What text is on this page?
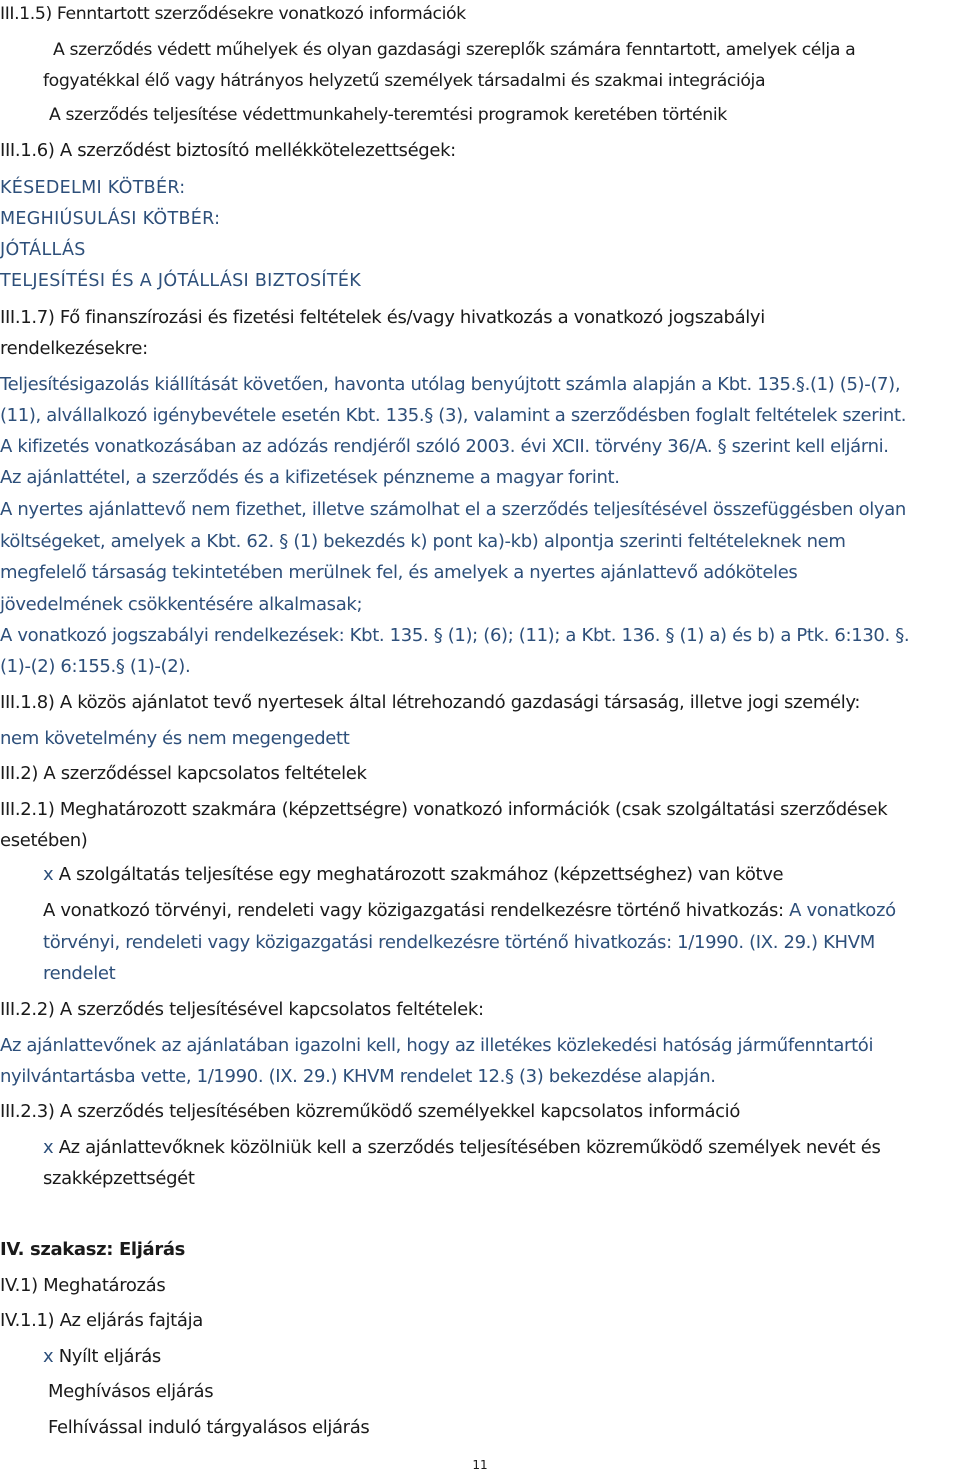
III.1.5) Fenntartott szerződésekre vonatkozó információk
A szerződés védett műhelyek és olyan gazdasági szereplők számára fenntartott, amelyek célja a
fogyatékkal élő vagy hátrányos helyzetű személyek társadalmi és szakmai integrációja
A szerződés teljesítése védettmunkahely-teremtési programok keretében történik
III.1.6) A szerződést biztosító mellékkötelezettségek:
KÉSEDELMI KÖTBÉR:
MEGHIÚSULÁSI KÖTBÉR:
JÓTÁLLÁS
TELJESÍTÉSI ÉS A JÓTÁLLÁSI BIZTOSÍTÉK
III.1.7) Fő finanszírozási és fizetési feltételek és/vagy hivatkozás a vonatkozó jogszabályi
rendelkezésekre:
Teljesítésigazolás kiállítását követően, havonta utólag benyújtott számla alapján a Kbt. 135.§.(1) (5)-(7),
(11), alvállalkozó igénybevétele esetén Kbt. 135.§ (3), valamint a szerződésben foglalt feltételek szerint.
A kifizetés vonatkozásában az adózás rendjéről szóló 2003. évi XCII. törvény 36/A. § szerint kell eljárni.
Az ajánlattétel, a szerződés és a kifizetések pénzneme a magyar forint.
A nyertes ajánlattevő nem fizethet, illetve számolhat el a szerződés teljesítésével összefüggésben olyan
költségeket, amelyek a Kbt. 62. § (1) bekezdés k) pont ka)-kb) alpontja szerinti feltételeknek nem
megfelelő társaság tekintetében merülnek fel, és amelyek a nyertes ajánlattevő adóköteles
jövedelmének csökkentésére alkalmasak;
A vonatkozó jogszabályi rendelkezések: Kbt. 135. § (1); (6); (11); a Kbt. 136. § (1) a) és b) a Ptk. 6:130. §.
(1)-(2) 6:155.§ (1)-(2).
III.1.8) A közös ajánlatot tevő nyertesek által létrehozandó gazdasági társaság, illetve jogi személy:
nem követelmény és nem megengedett
III.2) A szerződéssel kapcsolatos feltételek
III.2.1) Meghatározott szakmára (képzettségre) vonatkozó információk (csak szolgáltatási szerződések
esetében)
x A szolgáltatás teljesítése egy meghatározott szakmához (képzettséghez) van kötve
A vonatkozó törvényi, rendeleti vagy közigazgatási rendelkezésre történő hivatkozás: A vonatkozó
törvényi, rendeleti vagy közigazgatási rendelkezésre történő hivatkozás: 1/1990. (IX. 29.) KHVM
rendelet
III.2.2) A szerződés teljesítésével kapcsolatos feltételek:
Az ajánlattevőnek az ajánlatában igazolni kell, hogy az illetékes közlekedési hatóság járműfenntartói
nyilvántartásba vette, 1/1990. (IX. 29.) KHVM rendelet 12.§ (3) bekezdése alapján.
III.2.3) A szerződés teljesítésében közreműködő személyekkel kapcsolatos információ
x Az ajánlattevőknek közölniük kell a szerződés teljesítésében közreműködő személyek nevét és
szakképzettségét
IV. szakasz: Eljárás
IV.1) Meghatározás
IV.1.1) Az eljárás fajtája
x Nyílt eljárás
Meghívásos eljárás
Felhívással induló tárgyalásos eljárás
11
